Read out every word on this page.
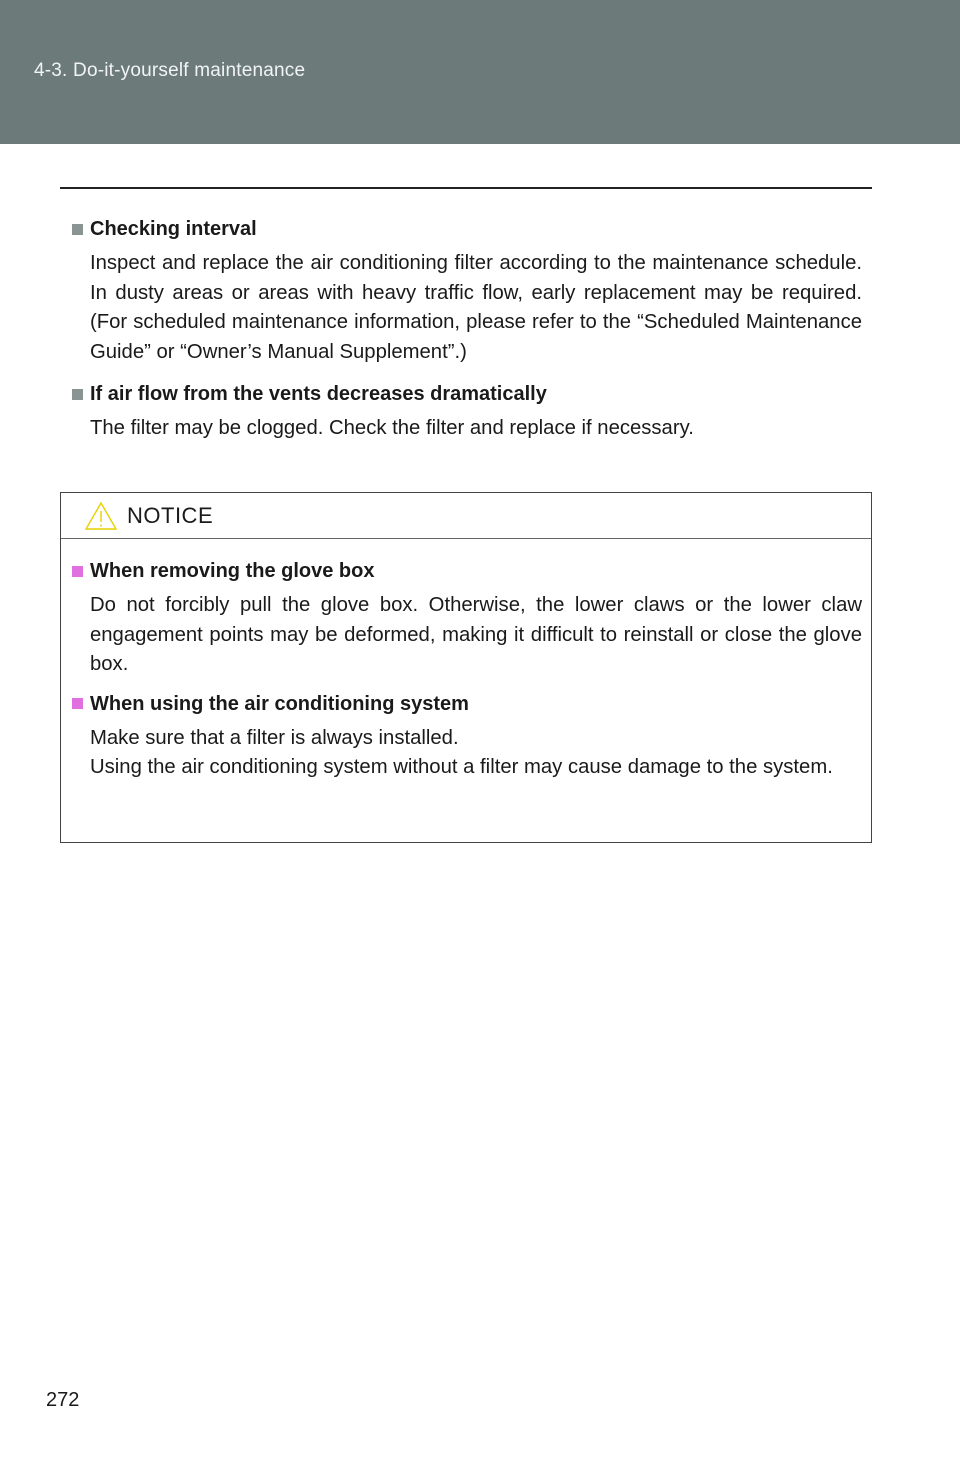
4-3. Do-it-yourself maintenance
Checking interval
Inspect and replace the air conditioning filter according to the maintenance schedule. In dusty areas or areas with heavy traffic flow, early replacement may be required. (For scheduled maintenance information, please refer to the “Scheduled Maintenance Guide” or “Owner’s Manual Supplement”.)
If air flow from the vents decreases dramatically
The filter may be clogged. Check the filter and replace if necessary.
NOTICE
When removing the glove box
Do not forcibly pull the glove box. Otherwise, the lower claws or the lower claw engagement points may be deformed, making it difficult to reinstall or close the glove box.
When using the air conditioning system
Make sure that a filter is always installed.
Using the air conditioning system without a filter may cause damage to the system.
272
